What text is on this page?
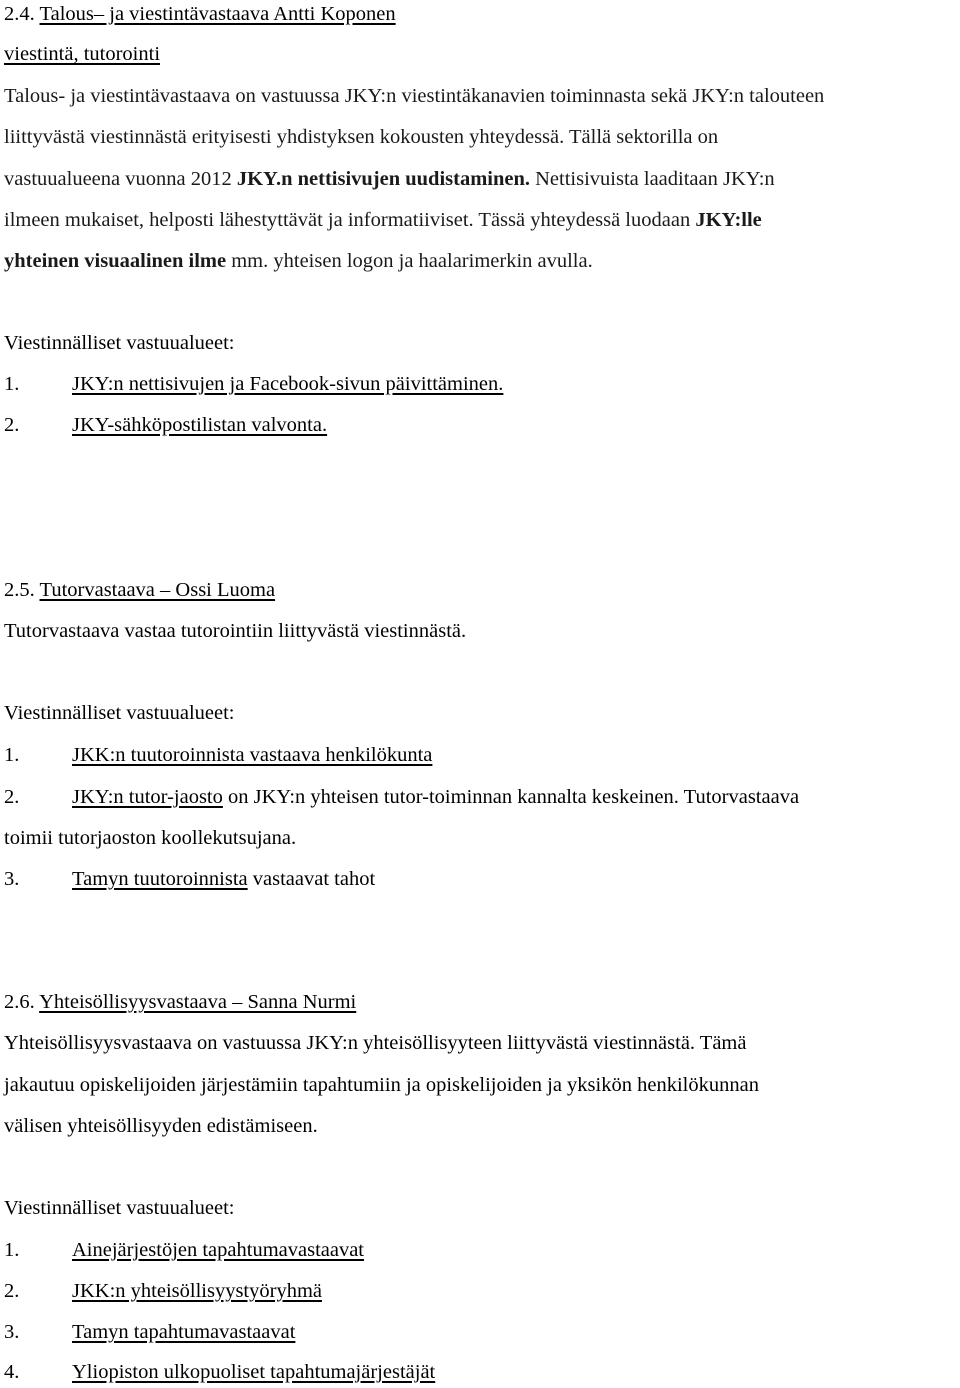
2.4. Talous– ja viestintävastaava Antti Koponen
viestintä, tutorointi
Talous- ja viestintävastaava on vastuussa JKY:n viestintäkanavien toiminnasta sekä JKY:n talouteen
liittyvästä viestinnästä erityisesti yhdistyksen kokousten yhteydessä. Tällä sektorilla on
vastuualueena vuonna 2012 JKY.n nettisivujen uudistaminen. Nettisivuista laaditaan JKY:n
ilmeen mukaiset, helposti lähestyttävät ja informatiiviset. Tässä yhteydessä luodaan JKY:lle
yhteinen visuaalinen ilme mm. yhteisen logon ja haalarimerkin avulla.
Viestinnälliset vastuualueet:
1.	JKY:n nettisivujen ja Facebook-sivun päivittäminen.
2.	JKY-sähköpostilistan valvonta.
2.5. Tutorvastaava – Ossi Luoma
Tutorvastaava vastaa tutorointiin liittyvästä viestinnästä.
Viestinnälliset vastuualueet:
1.	JKK:n tuutoroinnista vastaava henkilökunta
2.	JKY:n tutor-jaosto on JKY:n yhteisen tutor-toiminnan kannalta keskeinen. Tutorvastaava
toimii tutorjaoston koollekutsujana.
3.	Tamyn tuutoroinnista vastaavat tahot
2.6. Yhteisöllisyysvastaava – Sanna Nurmi
Yhteisöllisyysvastaava on vastuussa JKY:n yhteisöllisyyteen liittyvästä viestinnästä. Tämä
jakautuu opiskelijoiden järjestämiin tapahtumiin ja opiskelijoiden ja yksikön henkilökunnan
välisen yhteisöllisyyden edistämiseen.
Viestinnälliset vastuualueet:
1.	Ainejärjestöjen tapahtumavastaavat
2.	JKK:n yhteisöllisyystyöryhmä
3.	Tamyn tapahtumavastaavat
4.	Yliopiston ulkopuoliset tapahtumajärjestäjät
